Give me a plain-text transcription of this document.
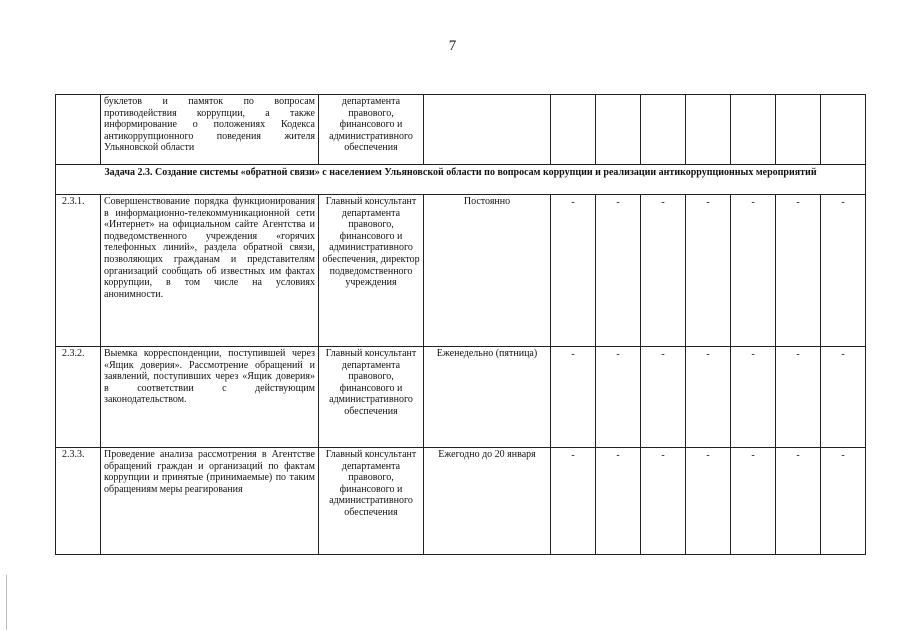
7
	буклетов и памяток по вопросам противодействия коррупции, а также информирование о положениях Кодекса антикоррупционного поведения жителя Ульяновской области	департамента правового, финансового и административного обеспечения								
Задача 2.3. Создание системы «обратной связи» с населением Ульяновской области по вопросам коррупции и реализации антикоррупционных мероприятий										
2.3.1.	Совершенствование порядка функционирования в информационно-телекоммуникационной сети «Интернет» на официальном сайте Агентства и подведомственного учреждения «горячих телефонных линий», раздела обратной связи, позволяющих гражданам и представителям организаций сообщать об известных им фактах коррупции, в том числе на условиях анонимности.	Главный консультант департамента правового, финансового и административного обеспечения, директор подведомственного учреждения	Постоянно	-	-	-	-	-	-	-
2.3.2.	Выемка корреспонденции, поступившей через «Ящик доверия». Рассмотрение обращений и заявлений, поступивших через «Ящик доверия» в соответствии с действующим законодательством.	Главный консультант департамента правового, финансового и административного обеспечения	Еженедельно (пятница)	-	-	-	-	-	-	-
2.3.3.	Проведение анализа рассмотрения в Агентстве обращений граждан и организаций по фактам коррупции и принятые (принимаемые) по таким обращениям меры реагирования	Главный консультант департамента правового, финансового и административного обеспечения	Ежегодно до 20 января	-	-	-	-	-	-	-
